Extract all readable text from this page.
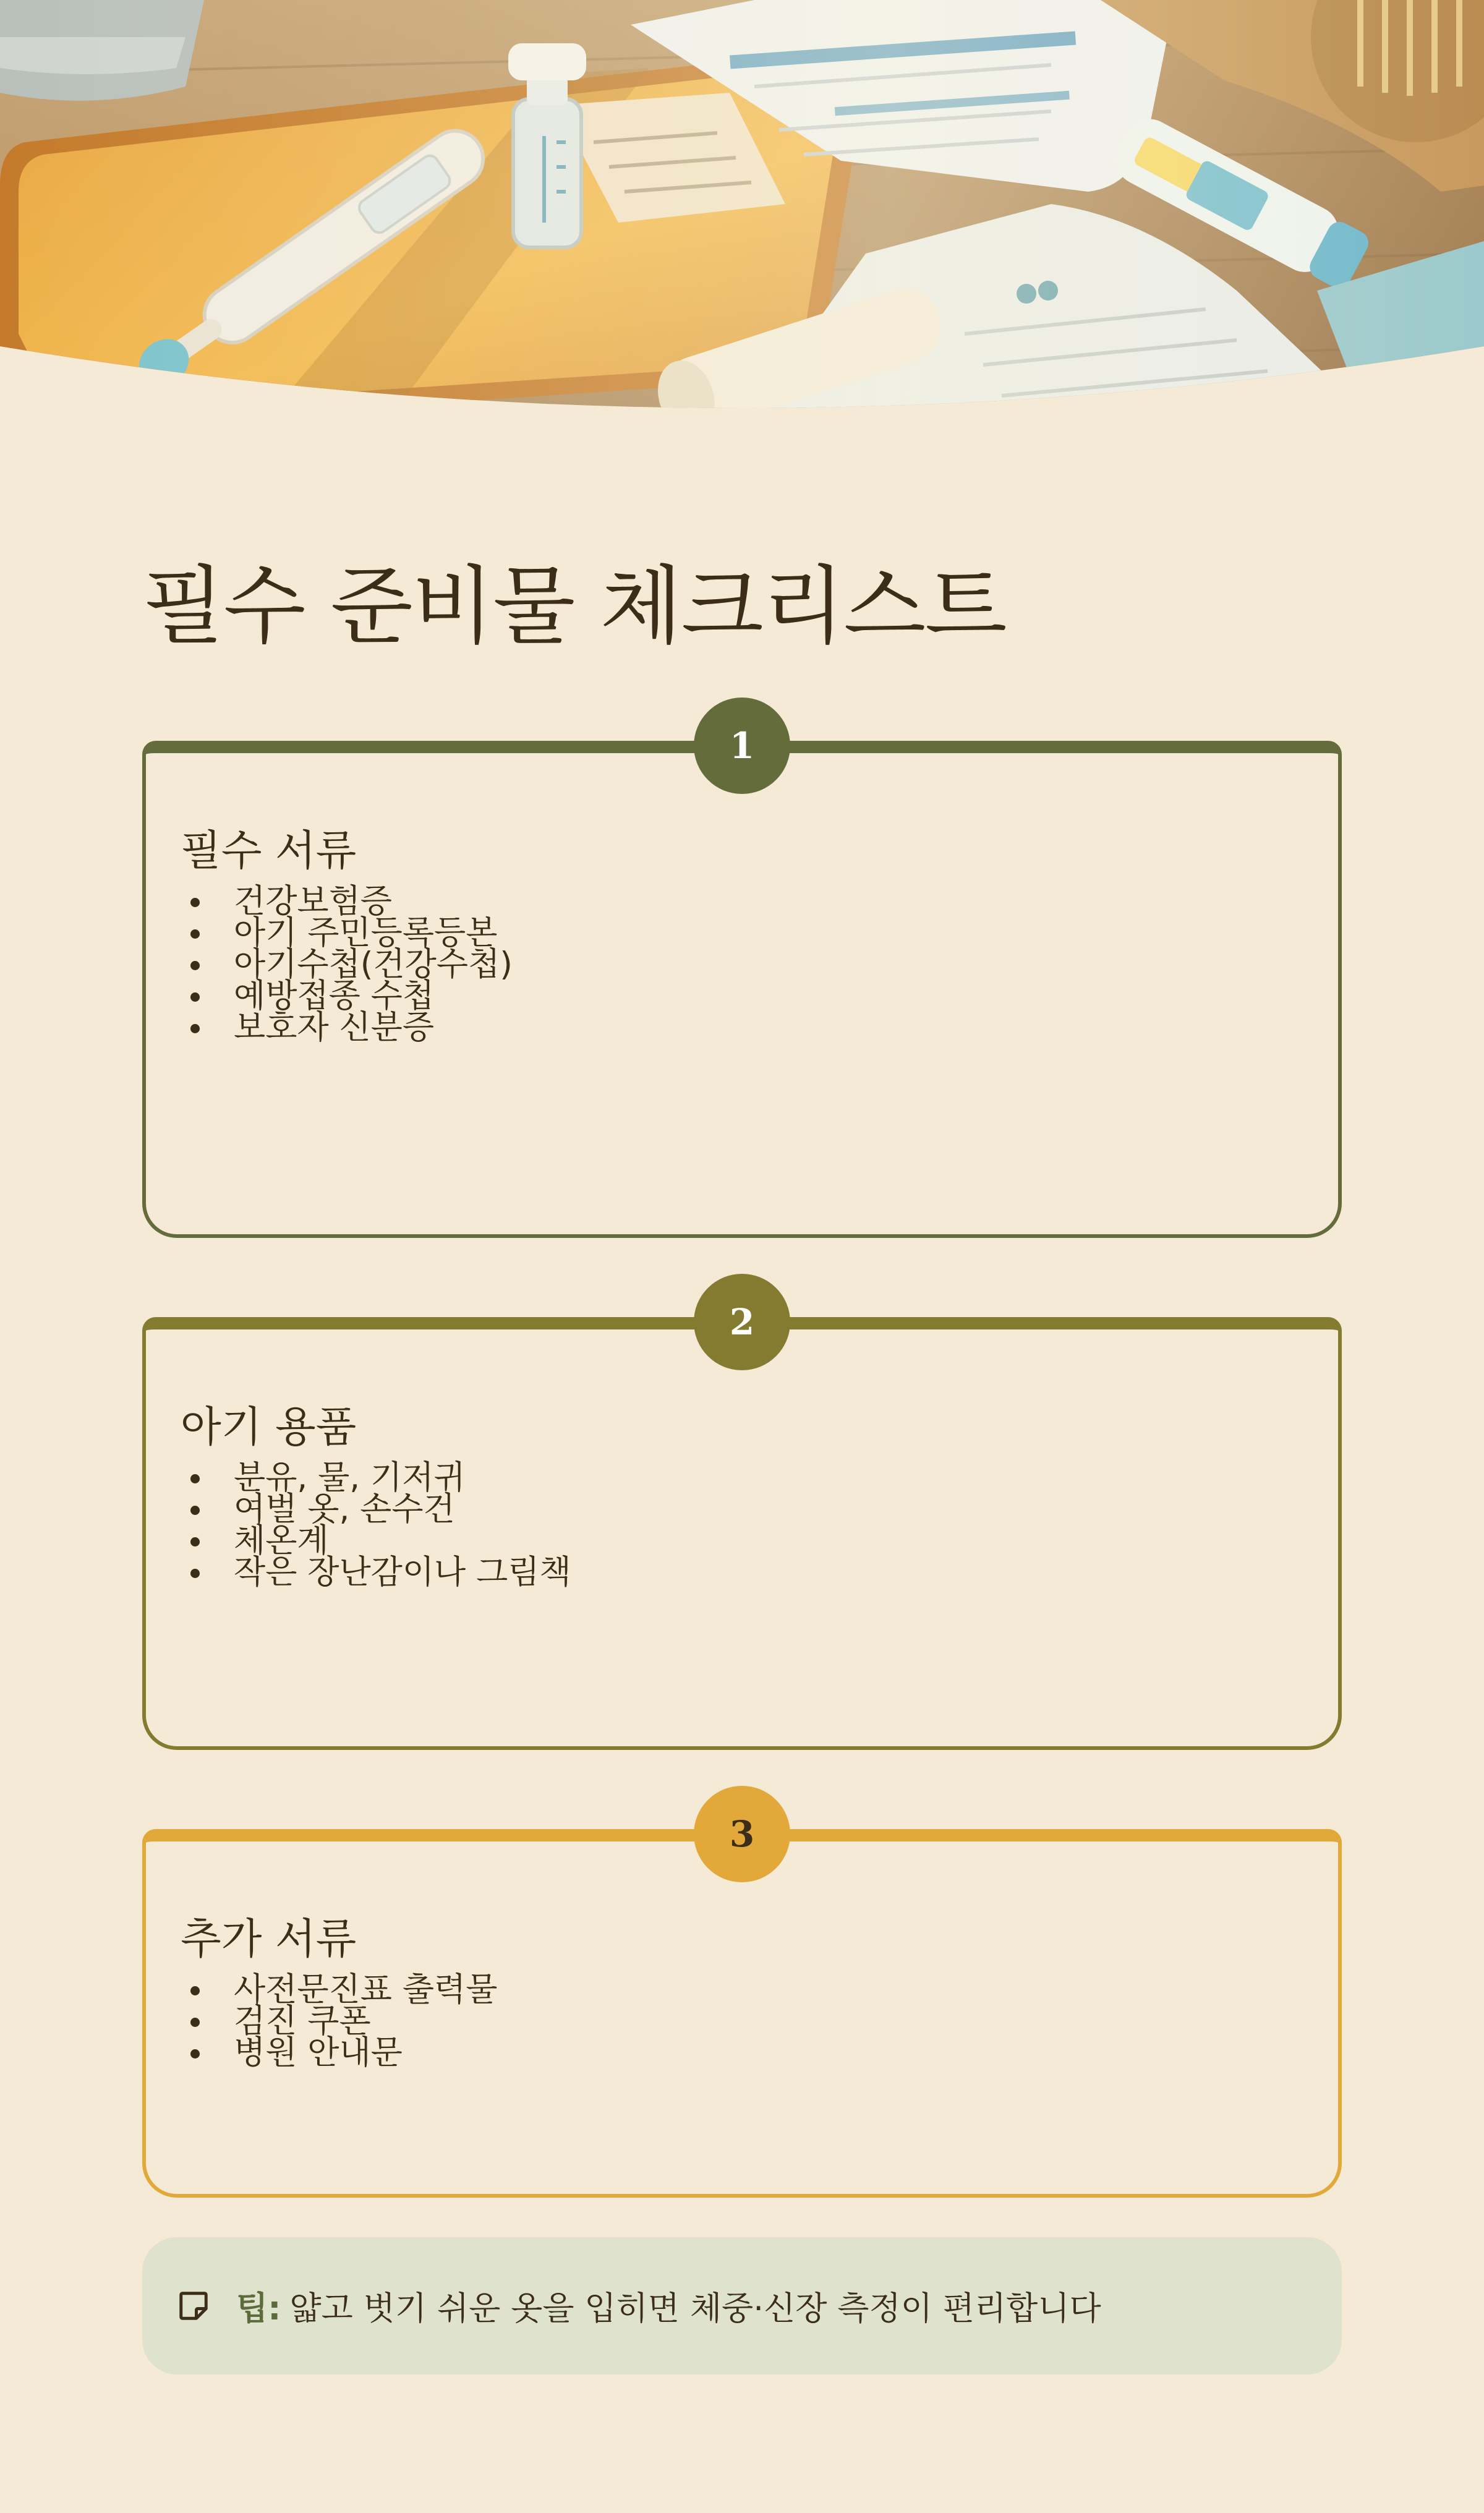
필수 준비물 체크리스트
1
필수 서류
건강보험증
아기 주민등록등본
아기수첩(건강수첩)
예방접종 수첩
보호자 신분증
2
아기 용품
분유, 물, 기저귀
여벌 옷, 손수건
체온계
작은 장난감이나 그림책
3
추가 서류
사전문진표 출력물
검진 쿠폰
병원 안내문
팁: 얇고 벗기 쉬운 옷을 입히면 체중·신장 측정이 편리합니다
